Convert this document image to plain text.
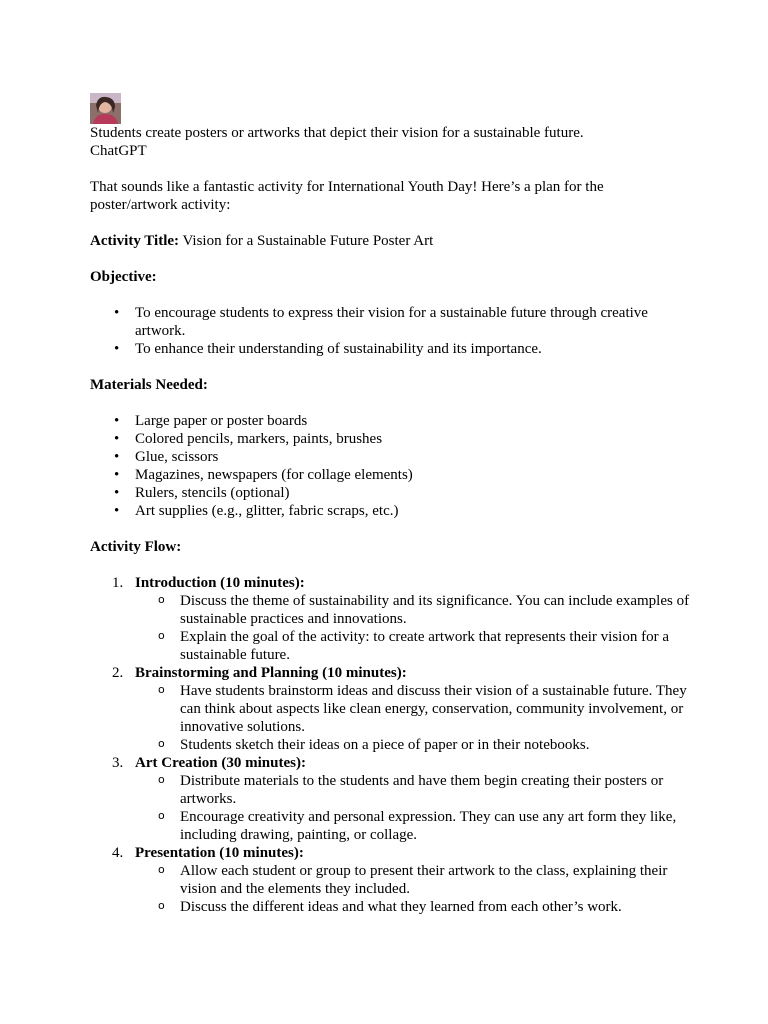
Students create posters or artworks that depict their vision for a sustainable future.

ChatGPT

That sounds like a fantastic activity for International Youth Day! Here’s a plan for the poster/artwork activity:

Activity Title: Vision for a Sustainable Future Poster Art

Objective:

• To encourage students to express their vision for a sustainable future through creative artwork.
• To enhance their understanding of sustainability and its importance.

Materials Needed:

• Large paper or poster boards
• Colored pencils, markers, paints, brushes
• Glue, scissors
• Magazines, newspapers (for collage elements)
• Rulers, stencils (optional)
• Art supplies (e.g., glitter, fabric scraps, etc.)

Activity Flow:

1. Introduction (10 minutes):
o Discuss the theme of sustainability and its significance. You can include examples of sustainable practices and innovations.
o Explain the goal of the activity: to create artwork that represents their vision for a sustainable future.
2. Brainstorming and Planning (10 minutes):
o Have students brainstorm ideas and discuss their vision of a sustainable future. They can think about aspects like clean energy, conservation, community involvement, or innovative solutions.
o Students sketch their ideas on a piece of paper or in their notebooks.
3. Art Creation (30 minutes):
o Distribute materials to the students and have them begin creating their posters or artworks.
o Encourage creativity and personal expression. They can use any art form they like, including drawing, painting, or collage.
4. Presentation (10 minutes):
o Allow each student or group to present their artwork to the class, explaining their vision and the elements they included.
o Discuss the different ideas and what they learned from each other’s work.
